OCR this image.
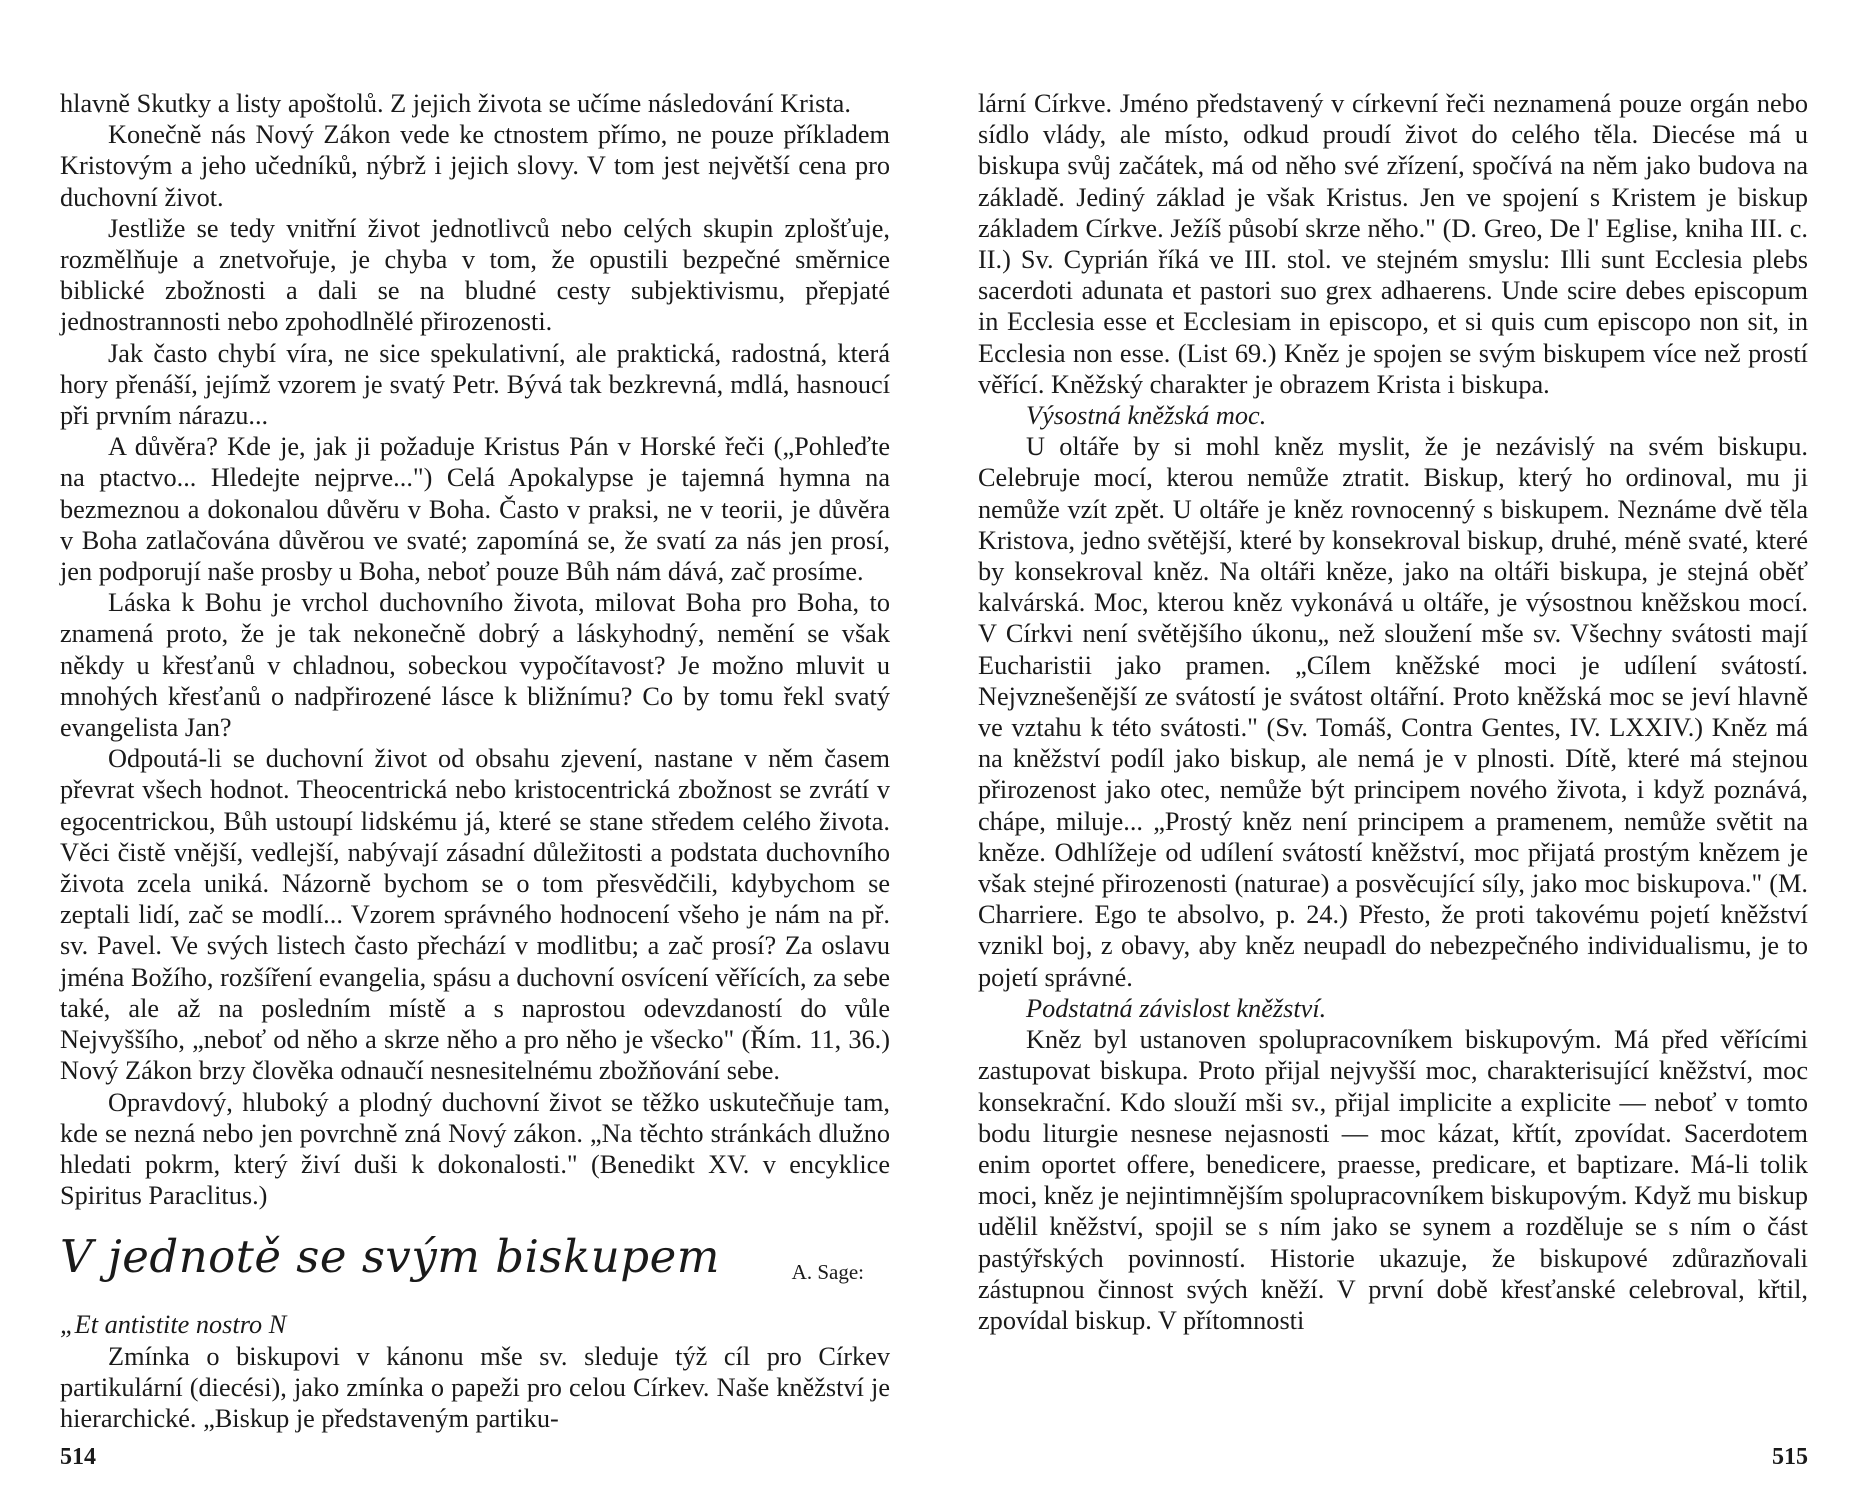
hlavně Skutky a listy apoštolů. Z jejich života se učíme následování Krista.

Konečně nás Nový Zákon vede ke ctnostem přímo, ne pouze příkladem Kristovým a jeho učedníků, nýbrž i jejich slovy. V tom jest největší cena pro duchovní život.

Jestliže se tedy vnitřní život jednotlivců nebo celých skupin zplošťuje, rozmělňuje a znetvořuje, je chyba v tom, že opustili bezpečné směrnice biblické zbožnosti a dali se na bludné cesty subjektivismu, přepjaté jednostrannosti nebo zpohodlnělé přirozenosti.

Jak často chybí víra, ne sice spekulativní, ale praktická, radostná, která hory přenáší, jejímž vzorem je svatý Petr. Bývá tak bezkrevná, mdlá, hasnoucí při prvním nárazu...

A důvěra? Kde je, jak ji požaduje Kristus Pán v Horské řeči („Pohleďte na ptactvo... Hledejte nejprve...") Celá Apokalypse je tajemná hymna na bezmeznou a dokonalou důvěru v Boha. Často v praksi, ne v teorii, je důvěra v Boha zatlačována důvěrou ve svaté; zapomíná se, že svatí za nás jen prosí, jen podporují naše prosby u Boha, neboť pouze Bůh nám dává, zač prosíme.

Láska k Bohu je vrchol duchovního života, milovat Boha pro Boha, to znamená proto, že je tak nekonečně dobrý a láskyhodný, nemění se však někdy u křesťanů v chladnou, sobeckou vypočítavost? Je možno mluvit u mnohých křesťanů o nadpřirozené lásce k bližnímu? Co by tomu řekl svatý evangelista Jan?

Odpoutá-li se duchovní život od obsahu zjevení, nastane v něm časem převrat všech hodnot. Theocentrická nebo kristocentrická zbožnost se zvrátí v egocentrickou, Bůh ustoupí lidskému já, které se stane středem celého života. Věci čistě vnější, vedlejší, nabývají zásadní důležitosti a podstata duchovního života zcela uniká. Názorně bychom se o tom přesvědčili, kdybychom se zeptali lidí, zač se modlí... Vzorem správného hodnocení všeho je nám na př. sv. Pavel. Ve svých listech často přechází v modlitbu; a zač prosí? Za oslavu jména Božího, rozšíření evangelia, spásu a duchovní osvícení věřících, za sebe také, ale až na posledním místě a s naprostou odevzdaností do vůle Nejvyššího, „neboť od něho a skrze něho a pro něho je všecko" (Řím. 11, 36.) Nový Zákon brzy člověka odnaučí nesnesitelnému zbožňování sebe.

Opravdový, hluboký a plodný duchovní život se těžko uskutečňuje tam, kde se nezná nebo jen povrchně zná Nový zákon. „Na těchto stránkách dlužno hledati pokrm, který živí duši k dokonalosti." (Benedikt XV. v encyklice Spiritus Paraclitus.)

V jednotě se svým biskupem	A. Sage:

„Et antistite nostro N

Zmínka o biskupovi v kánonu mše sv. sleduje týž cíl pro Církev partikulární (diecési), jako zmínka o papeži pro celou Církev. Naše kněžství je hierarchické. „Biskup je představeným partiku-

514

lární Církve. Jméno představený v církevní řeči neznamená pouze orgán nebo sídlo vlády, ale místo, odkud proudí život do celého těla. Diecése má u biskupa svůj začátek, má od něho své zřízení, spočívá na něm jako budova na základě. Jediný základ je však Kristus. Jen ve spojení s Kristem je biskup základem Církve. Ježíš působí skrze něho." (D. Greo, De l' Eglise, kniha III. c. II.) Sv. Cyprián říká ve III. stol. ve stejném smyslu: Illi sunt Ecclesia plebs sacerdoti adunata et pastori suo grex adhaerens. Unde scire debes episcopum in Ecclesia esse et Ecclesiam in episcopo, et si quis cum episcopo non sit, in Ecclesia non esse. (List 69.) Kněz je spojen se svým biskupem více než prostí věřící. Kněžský charakter je obrazem Krista i biskupa.

Výsostná kněžská moc.

U oltáře by si mohl kněz myslit, že je nezávislý na svém biskupu. Celebruje mocí, kterou nemůže ztratit. Biskup, který ho ordinoval, mu ji nemůže vzít zpět. U oltáře je kněz rovnocenný s biskupem. Neznáme dvě těla Kristova, jedno světější, které by konsekroval biskup, druhé, méně svaté, které by konsekroval kněz. Na oltáři kněze, jako na oltáři biskupa, je stejná oběť kalvárská. Moc, kterou kněz vykonává u oltáře, je výsostnou kněžskou mocí. V Církvi není světějšího úkonu„ než sloužení mše sv. Všechny svátosti mají Eucharistii jako pramen. „Cílem kněžské moci je udílení svátostí. Nejvznešenější ze svátostí je svátost oltářní. Proto kněžská moc se jeví hlavně ve vztahu k této svátosti." (Sv. Tomáš, Contra Gentes, IV. LXXIV.) Kněz má na kněžství podíl jako biskup, ale nemá je v plnosti. Dítě, které má stejnou přirozenost jako otec, nemůže být principem nového života, i když poznává, chápe, miluje... „Prostý kněz není principem a pramenem, nemůže světit na kněze. Odhlížeje od udílení svátostí kněžství, moc přijatá prostým knězem je však stejné přirozenosti (naturae) a posvěcující síly, jako moc biskupova." (M. Charriere. Ego te absolvo, p. 24.) Přesto, že proti takovému pojetí kněžství vznikl boj, z obavy, aby kněz neupadl do nebezpečného individualismu, je to pojetí správné.

Podstatná závislost kněžství.

Kněz byl ustanoven spolupracovníkem biskupovým. Má před věřícími zastupovat biskupa. Proto přijal nejvyšší moc, charakterisující kněžství, moc konsekrační. Kdo slouží mši sv., přijal implicite a explicite — neboť v tomto bodu liturgie nesnese nejasnosti — moc kázat, křtít, zpovídat. Sacerdotem enim oportet offere, benedicere, praesse, predicare, et baptizare. Má-li tolik moci, kněz je nejintimnějším spolupracovníkem biskupovým. Když mu biskup udělil kněžství, spojil se s ním jako se synem a rozděluje se s ním o část pastýřských povinností. Historie ukazuje, že biskupové zdůrazňovali zástupnou činnost svých kněží. V první době křesťanské celebroval, křtil, zpovídal biskup. V přítomnosti

515
